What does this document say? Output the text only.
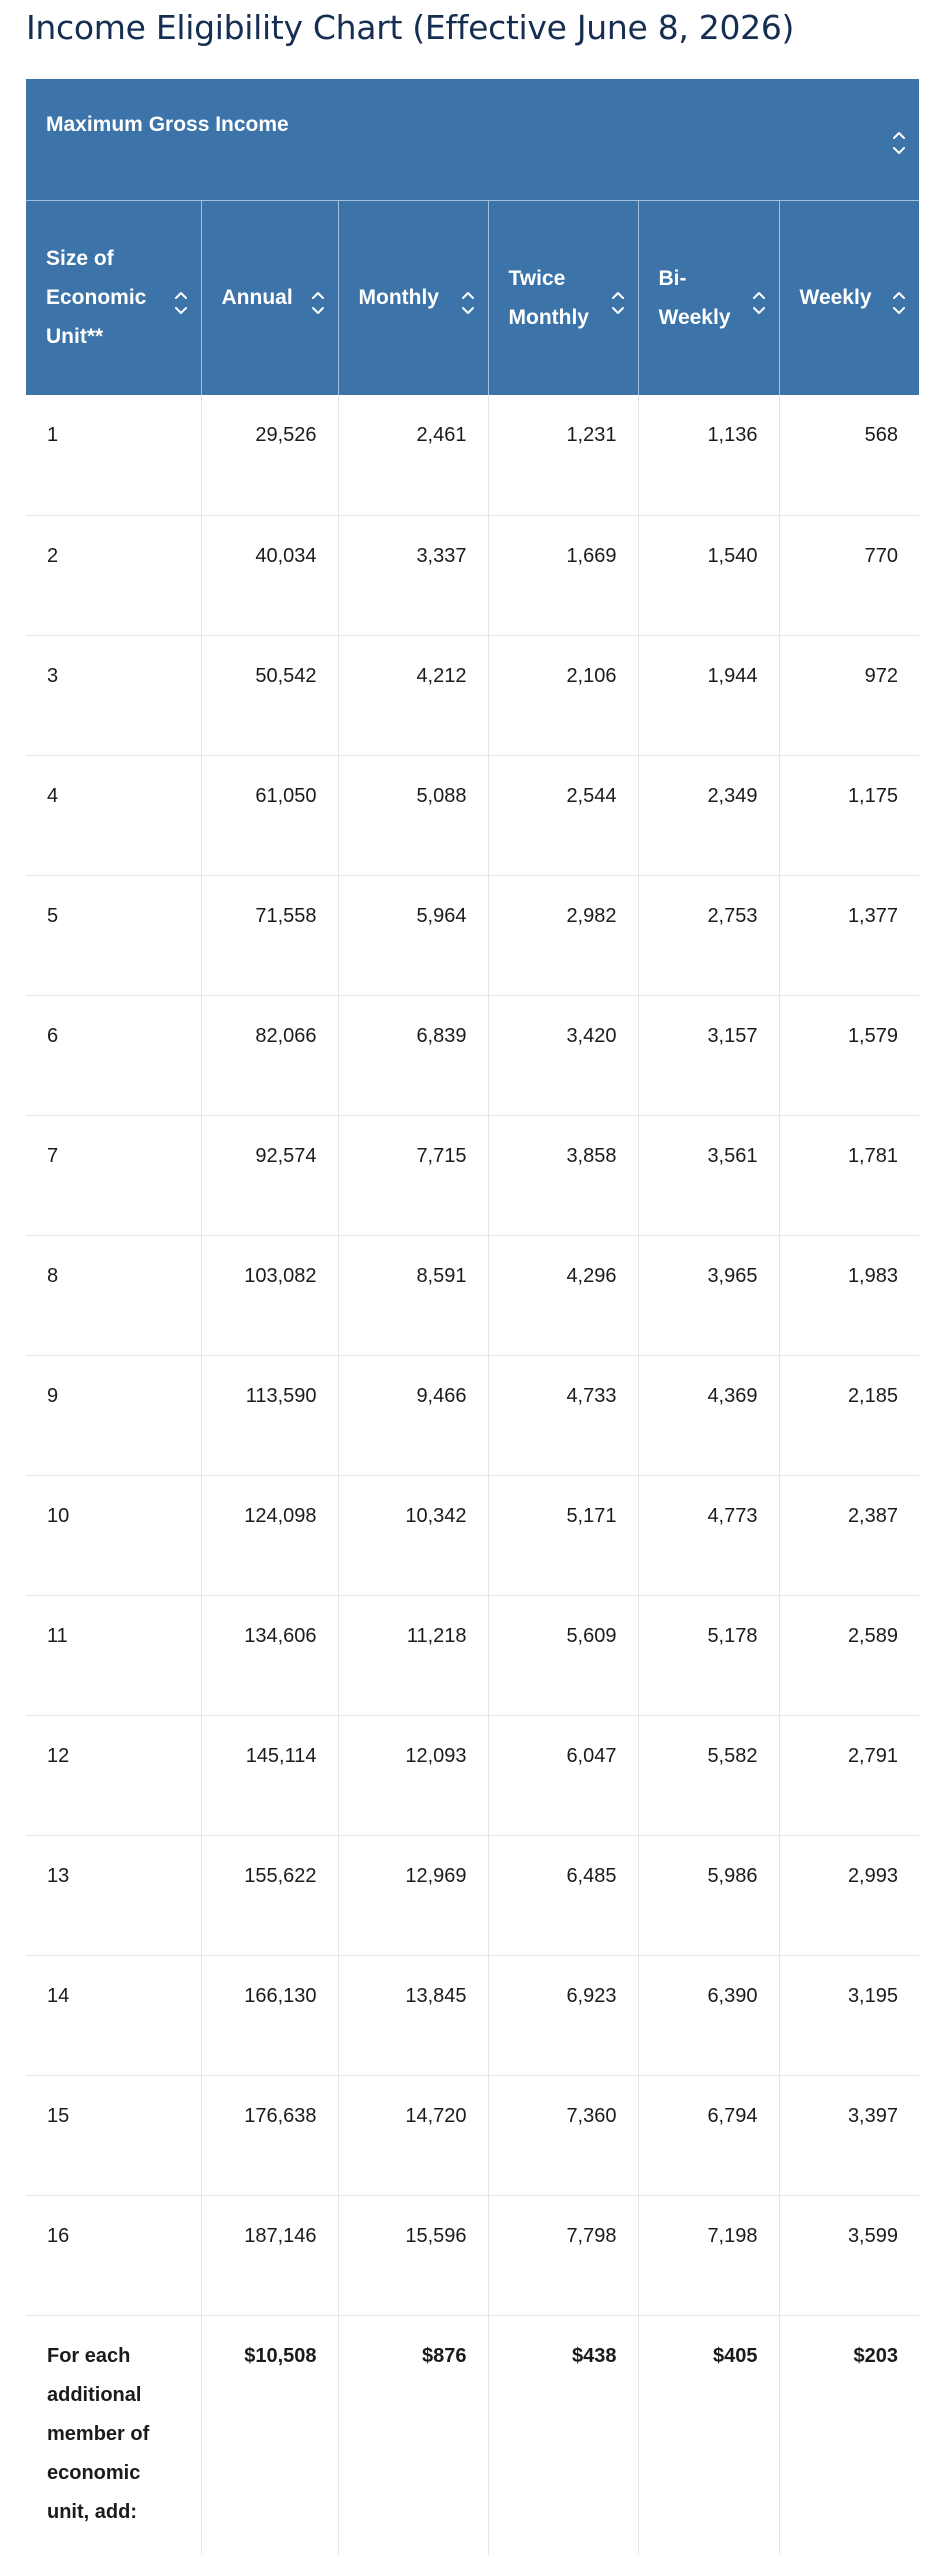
Income Eligibility Chart (Effective June 8, 2026)
Maximum Gross Income					

Size of Economic Unit**	Annual	Monthly	Twice Monthly	Bi-Weekly	Weekly

1	29,526	2,461	1,231	1,136	568
2	40,034	3,337	1,669	1,540	770
3	50,542	4,212	2,106	1,944	972
4	61,050	5,088	2,544	2,349	1,175
5	71,558	5,964	2,982	2,753	1,377
6	82,066	6,839	3,420	3,157	1,579
7	92,574	7,715	3,858	3,561	1,781
8	103,082	8,591	4,296	3,965	1,983
9	113,590	9,466	4,733	4,369	2,185
10	124,098	10,342	5,171	4,773	2,387
11	134,606	11,218	5,609	5,178	2,589
12	145,114	12,093	6,047	5,582	2,791
13	155,622	12,969	6,485	5,986	2,993
14	166,130	13,845	6,923	6,390	3,195
15	176,638	14,720	7,360	6,794	3,397
16	187,146	15,596	7,798	7,198	3,599
For each additional member of economic unit, add:	$10,508	$876	$438	$405	$203
